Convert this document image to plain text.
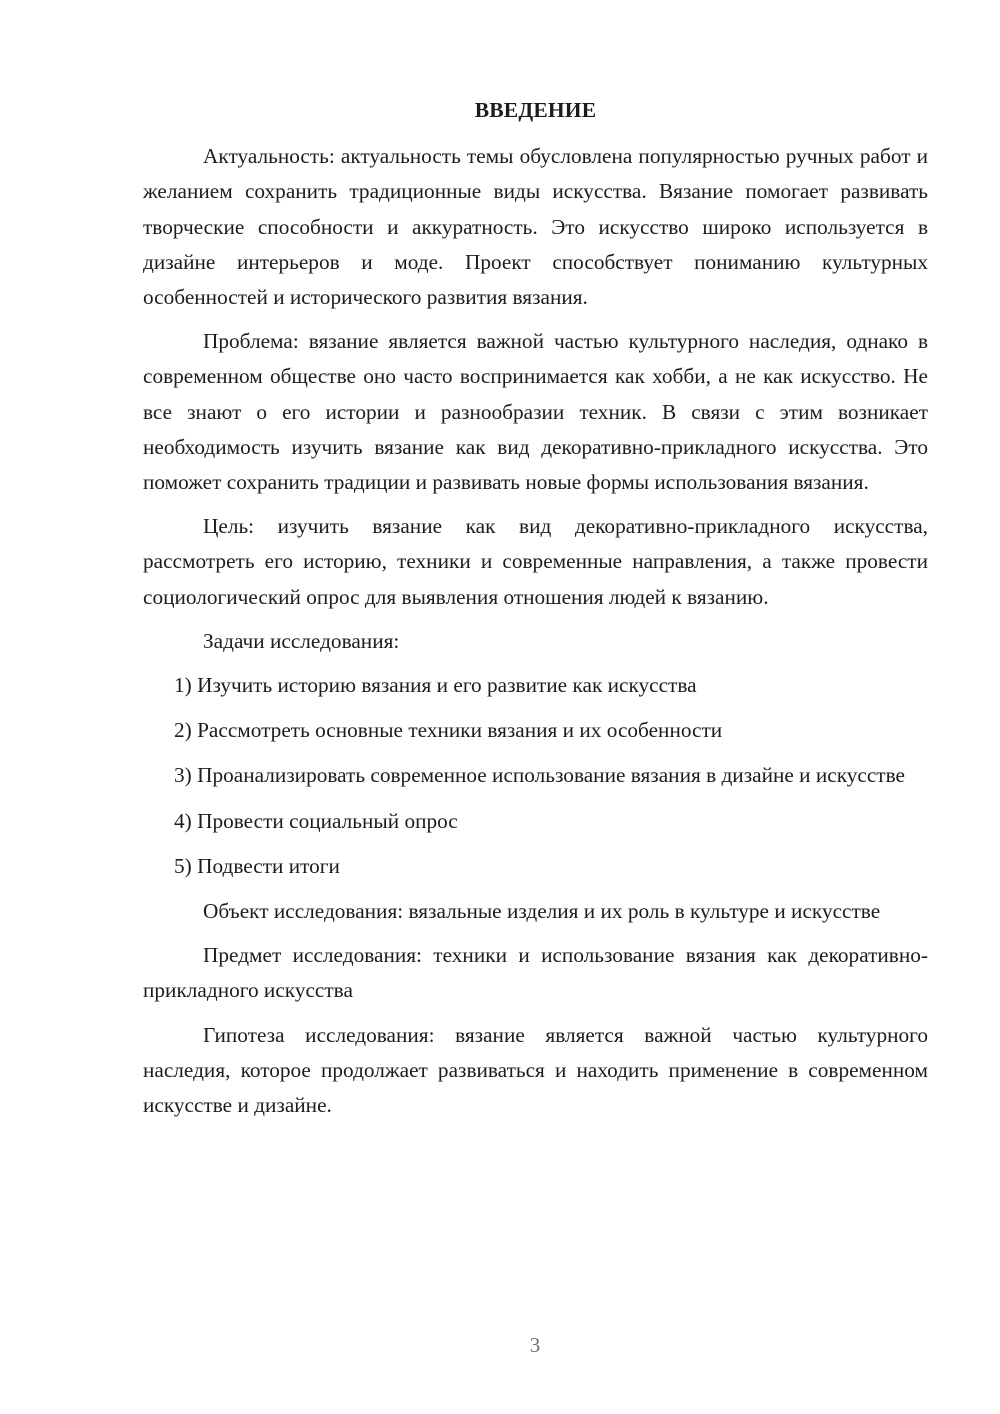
ВВЕДЕНИЕ

Актуальность: актуальность темы обусловлена популярностью ручных работ и желанием сохранить традиционные виды искусства. Вязание помогает развивать творческие способности и аккуратность. Это искусство широко используется в дизайне интерьеров и моде. Проект способствует пониманию культурных особенностей и исторического развития вязания.

Проблема: вязание является важной частью культурного наследия, однако в современном обществе оно часто воспринимается как хобби, а не как искусство. Не все знают о его истории и разнообразии техник. В связи с этим возникает необходимость изучить вязание как вид декоративно-прикладного искусства. Это поможет сохранить традиции и развивать новые формы использования вязания.

Цель: изучить вязание как вид декоративно-прикладного искусства, рассмотреть его историю, техники и современные направления, а также провести социологический опрос для выявления отношения людей к вязанию.

Задачи исследования:

1) Изучить историю вязания и его развитие как искусства

2) Рассмотреть основные техники вязания и их особенности

3) Проанализировать современное использование вязания в дизайне и искусстве

4) Провести социальный опрос

5) Подвести итоги

Объект исследования: вязальные изделия и их роль в культуре и искусстве

Предмет исследования: техники и использование вязания как декоративно-прикладного искусства

Гипотеза исследования: вязание является важной частью культурного наследия, которое продолжает развиваться и находить применение в современном искусстве и дизайне.

3
